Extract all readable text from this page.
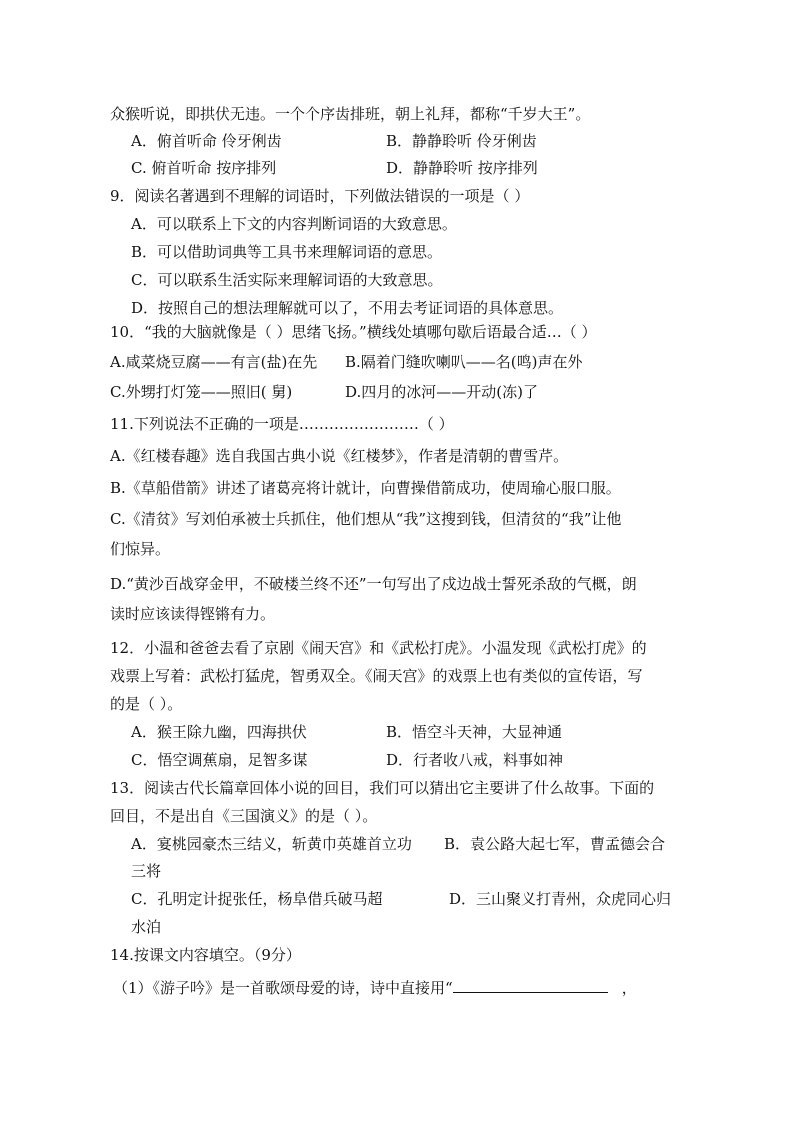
众猴听说，即拱伏无违。一个个序齿排班，朝上礼拜，都称“千岁大王”。
A．俯首听命 伶牙俐齿	B．静静聆听 伶牙俐齿
C. 俯首听命 按序排列	D．静静聆听 按序排列
9．阅读名著遇到不理解的词语时，下列做法错误的一项是（ ）
A．可以联系上下文的内容判断词语的大致意思。
B．可以借助词典等工具书来理解词语的意思。
C．可以联系生活实际来理解词语的大致意思。
D．按照自己的想法理解就可以了，不用去考证词语的具体意思。
10．“我的大脑就像是（ ）思绪飞扬。”横线处填哪句歇后语最合适…（ ）
A.咸菜烧豆腐——有言(盐)在先 B.隔着门缝吹喇叭——名(鸣)声在外
C.外甥打灯笼——照旧( 舅)	D.四月的冰河——开动(冻)了
11.下列说法不正确的一项是……………………（ ）
A.《红楼春趣》选自我国古典小说《红楼梦》，作者是清朝的曹雪芹。
B.《草船借箭》讲述了诸葛亮将计就计，向曹操借箭成功，使周瑜心服口服。
C.《清贫》写刘伯承被士兵抓住，他们想从“我”这搜到钱，但清贫的“我”让他
们惊异。
D.“黄沙百战穿金甲，不破楼兰终不还”一句写出了戍边战士誓死杀敌的气概，朗
读时应该读得铿锵有力。
12．小温和爸爸去看了京剧《闹天宫》和《武松打虎》。小温发现《武松打虎》的
戏票上写着：武松打猛虎，智勇双全。《闹天宫》的戏票上也有类似的宣传语，写
的是（ ）。
A．猴王除九幽，四海拱伏	B．悟空斗天神，大显神通
C．悟空调蕉扇，足智多谋	D．行者收八戒，料事如神
13．阅读古代长篇章回体小说的回目，我们可以猜出它主要讲了什么故事。下面的
回目，不是出自《三国演义》的是（ ）。
A．宴桃园豪杰三结义，斩黄巾英雄首立功 B．袁公路大起七军，曹孟德会合
三将
C．孔明定计捉张任，杨阜借兵破马超	D．三山聚义打青州，众虎同心归
水泊
14.按课文内容填空。（9分）
（1）《游子吟》是一首歌颂母爱的诗，诗中直接用“	，
